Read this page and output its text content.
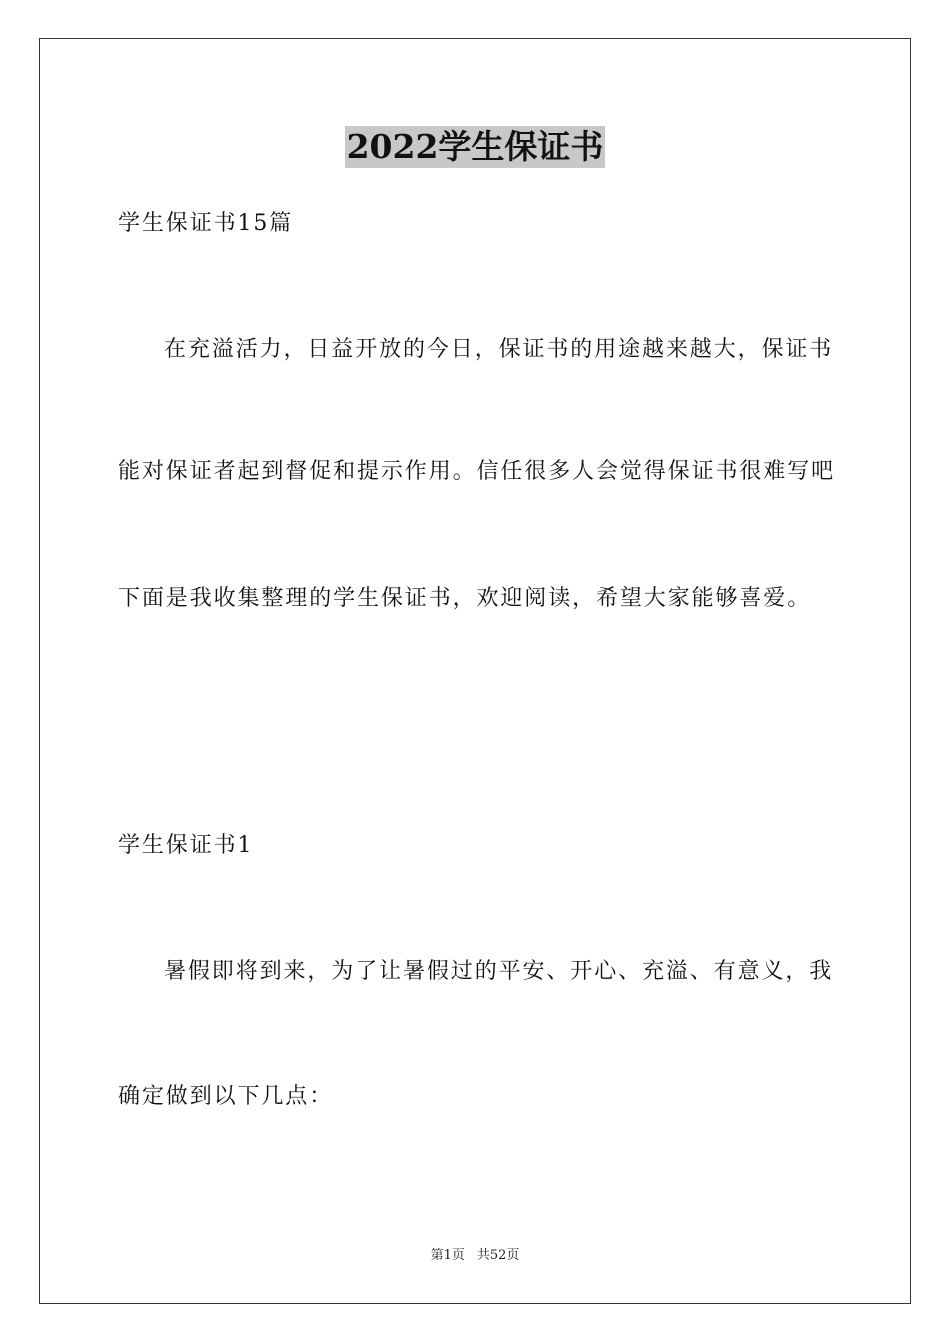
2022学生保证书
学生保证书15篇
在充溢活力，日益开放的今日，保证书的用途越来越大，保证书
能对保证者起到督促和提示作用。信任很多人会觉得保证书很难写吧
下面是我收集整理的学生保证书，欢迎阅读，希望大家能够喜爱。
学生保证书1
暑假即将到来，为了让暑假过的平安、开心、充溢、有意义，我
确定做到以下几点：
第1页 共52页
